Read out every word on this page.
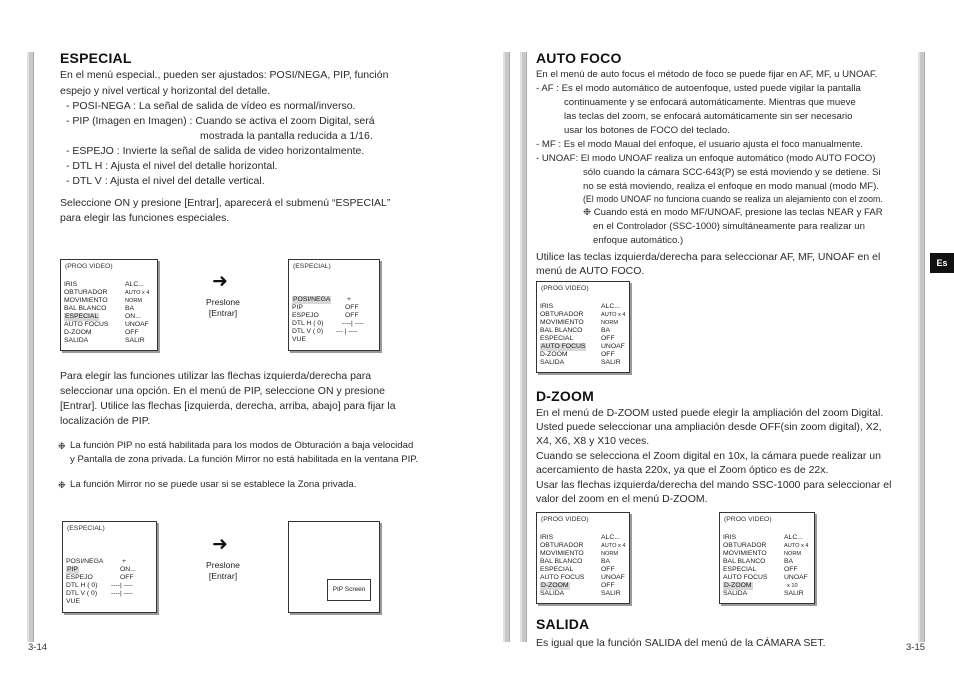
ESPECIAL
En el menú especial., pueden ser ajustados: POSI/NEGA, PIP, función
espejo y nivel vertical y horizontal del detalle.
- POSI-NEGA : La señal de salida de vídeo es normal/inverso.
- PIP (Imagen en Imagen) : Cuando se activa el zoom Digital, será
mostrada la pantalla reducida a 1/16.
- ESPEJO : Invierte la señal de salida de video horizontalmente.
- DTL H : Ajusta el nivel del detalle horizontal.
- DTL V : Ajusta el nivel del detalle vertical.
Seleccione ON y presione [Entrar], aparecerá el submenú “ESPECIAL”
para elegir las funciones especiales.
(PROG VIDEO)
IRIS	ALC...
OBTURADOR	AUTO x 4
MOVIMIENTO	NORM
BAL BLANCO	BA
ESPECIAL	ON...
AUTO FOCUS UNOAF
D-ZOOM	OFF
SALIDA	SALIR
➜
Preslone
[Entrar]
(ESPECIAL)
POSI/NEGA +
PIP	OFF
ESPEJO	OFF
DTL H ( 0)	----| ----
DTL V ( 0) --- | ----
VUE
Para elegir las funciones utilizar las flechas izquierda/derecha para
seleccionar una opción. En el menú de PIP, seleccione ON y presione
[Entrar]. Utilice las flechas [izquierda, derecha, arriba, abajo] para fijar la
localización de PIP.
❉ La función PIP no está habilitada para los modos de Obturación a baja velocidad y Pantalla de zona privada. La función Mirror no está habilitada en la ventana PIP.
❉ La función Mirror no se puede usar si se establece la Zona privada.
(ESPECIAL)
POSI/NEGA	+
PIP	ON...
ESPEJO	OFF
DTL H ( 0) ----| ----
DTL V ( 0) ----| ----
VUE
➜
Preslone
[Entrar]
PIP Screen
3-14
AUTO FOCO
En el menú de auto focus el método de foco se puede fijar en AF, MF, u UNOAF.
- AF : Es el modo automático de autoenfoque, usted puede vigilar la pantalla
continuamente y se enfocará automáticamente. Mientras que mueve
las teclas del zoom, se enfocará automáticamente sin ser necesario
usar los botones de FOCO del teclado.
- MF : Es el modo Maual del enfoque, el usuario ajusta el foco manualmente.
- UNOAF: El modo UNOAF realiza un enfoque automático (modo AUTO FOCO)
sólo cuando la cámara SCC-643(P) se está moviendo y se detiene. Si
no se está moviendo, realiza el enfoque en modo manual (modo MF).
(El modo UNOAF no funciona cuando se realiza un alejamiento con el zoom.
❉ Cuando está en modo MF/UNOAF, presione las teclas NEAR y FAR
en el Controlador (SSC-1000) simultáneamente para realizar un
enfoque automático.)
Utilice las teclas izquierda/derecha para seleccionar AF, MF, UNOAF en el
menú de AUTO FOCO.
(PROG VIDEO)
IRIS	ALC...
OBTURADOR	AUTO x 4
MOVIMIENTO	NORM
BAL BLANCO	BA
ESPECIAL	OFF
AUTO FOCUS UNOAF
D-ZOOM	OFF
SALIDA	SALIR
D-ZOOM
En el menú de D-ZOOM usted puede elegir la ampliación del zoom Digital.
Usted puede seleccionar una ampliación desde OFF(sin zoom digital), X2,
X4, X6, X8 y X10 veces.
Cuando se selecciona el Zoom digital en 10x, la cámara puede realizar un
acercamiento de hasta 220x, ya que el Zoom óptico es de 22x.
Usar las flechas izquierda/derecha del mando SSC-1000 para seleccionar el
valor del zoom en el menú D-ZOOM.
(PROG VIDEO)
IRIS	ALC...
OBTURADOR	AUTO x 4
MOVIMIENTO	NORM
BAL BLANCO	BA
ESPECIAL	OFF
AUTO FOCUS UNOAF
D-ZOOM	OFF
SALIDA	SALIR
(PROG VIDEO)
IRIS	ALC...
OBTURADOR	AUTO x 4
MOVIMIENTO	NORM
BAL BLANCO	BA
ESPECIAL	OFF
AUTO FOCUS UNOAF
D-ZOOM	x 10
SALIDA	SALIR
SALIDA
Es igual que la función SALIDA del menú de la CÁMARA SET.
Es
3-15
